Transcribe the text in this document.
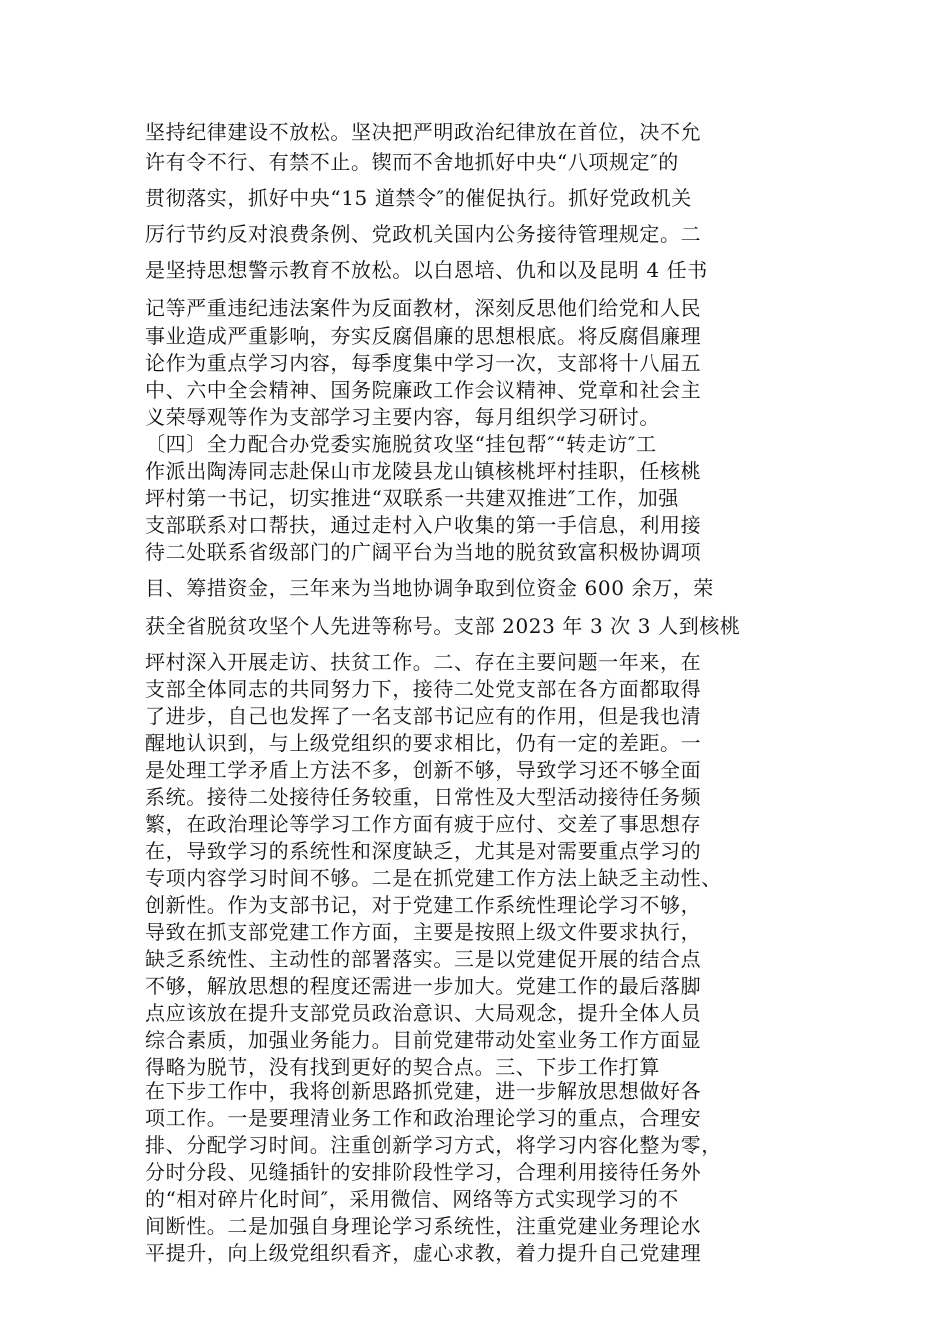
坚持纪律建设不放松。坚决把严明政治纪律放在首位，决不允
许有令不行、有禁不止。锲而不舍地抓好中央“八项规定″的
贯彻落实，抓好中央“15 道禁令″的催促执行。抓好党政机关
厉行节约反对浪费条例、党政机关国内公务接待管理规定。二
是坚持思想警示教育不放松。以白恩培、仇和以及昆明 4 任书
记等严重违纪违法案件为反面教材，深刻反思他们给党和人民
事业造成严重影响，夯实反腐倡廉的思想根底。将反腐倡廉理
论作为重点学习内容，每季度集中学习一次，支部将十八届五
中、六中全会精神、国务院廉政工作会议精神、党章和社会主
义荣辱观等作为支部学习主要内容，每月组织学习研讨。
〔四〕全力配合办党委实施脱贫攻坚“挂包帮″“转走访″工
作派出陶涛同志赴保山市龙陵县龙山镇核桃坪村挂职，任核桃
坪村第一书记，切实推进“双联系一共建双推进″工作，加强
支部联系对口帮扶，通过走村入户收集的第一手信息，利用接
待二处联系省级部门的广阔平台为当地的脱贫致富积极协调项
目、筹措资金，三年来为当地协调争取到位资金 600 余万，荣
获全省脱贫攻坚个人先进等称号。支部 2023 年 3 次 3 人到核桃
坪村深入开展走访、扶贫工作。二、存在主要问题一年来，在
支部全体同志的共同努力下，接待二处党支部在各方面都取得
了进步，自己也发挥了一名支部书记应有的作用，但是我也清
醒地认识到，与上级党组织的要求相比，仍有一定的差距。一
是处理工学矛盾上方法不多，创新不够，导致学习还不够全面
系统。接待二处接待任务较重，日常性及大型活动接待任务频
繁，在政治理论等学习工作方面有疲于应付、交差了事思想存
在，导致学习的系统性和深度缺乏，尤其是对需要重点学习的
专项内容学习时间不够。二是在抓党建工作方法上缺乏主动性、
创新性。作为支部书记，对于党建工作系统性理论学习不够，
导致在抓支部党建工作方面，主要是按照上级文件要求执行，
缺乏系统性、主动性的部署落实。三是以党建促开展的结合点
不够，解放思想的程度还需进一步加大。党建工作的最后落脚
点应该放在提升支部党员政治意识、大局观念，提升全体人员
综合素质，加强业务能力。目前党建带动处室业务工作方面显
得略为脱节，没有找到更好的契合点。三、下步工作打算
在下步工作中，我将创新思路抓党建，进一步解放思想做好各
项工作。一是要理清业务工作和政治理论学习的重点，合理安
排、分配学习时间。注重创新学习方式，将学习内容化整为零，
分时分段、见缝插针的安排阶段性学习，合理利用接待任务外
的“相对碎片化时间″，采用微信、网络等方式实现学习的不
间断性。二是加强自身理论学习系统性，注重党建业务理论水
平提升，向上级党组织看齐，虚心求教，着力提升自己党建理
